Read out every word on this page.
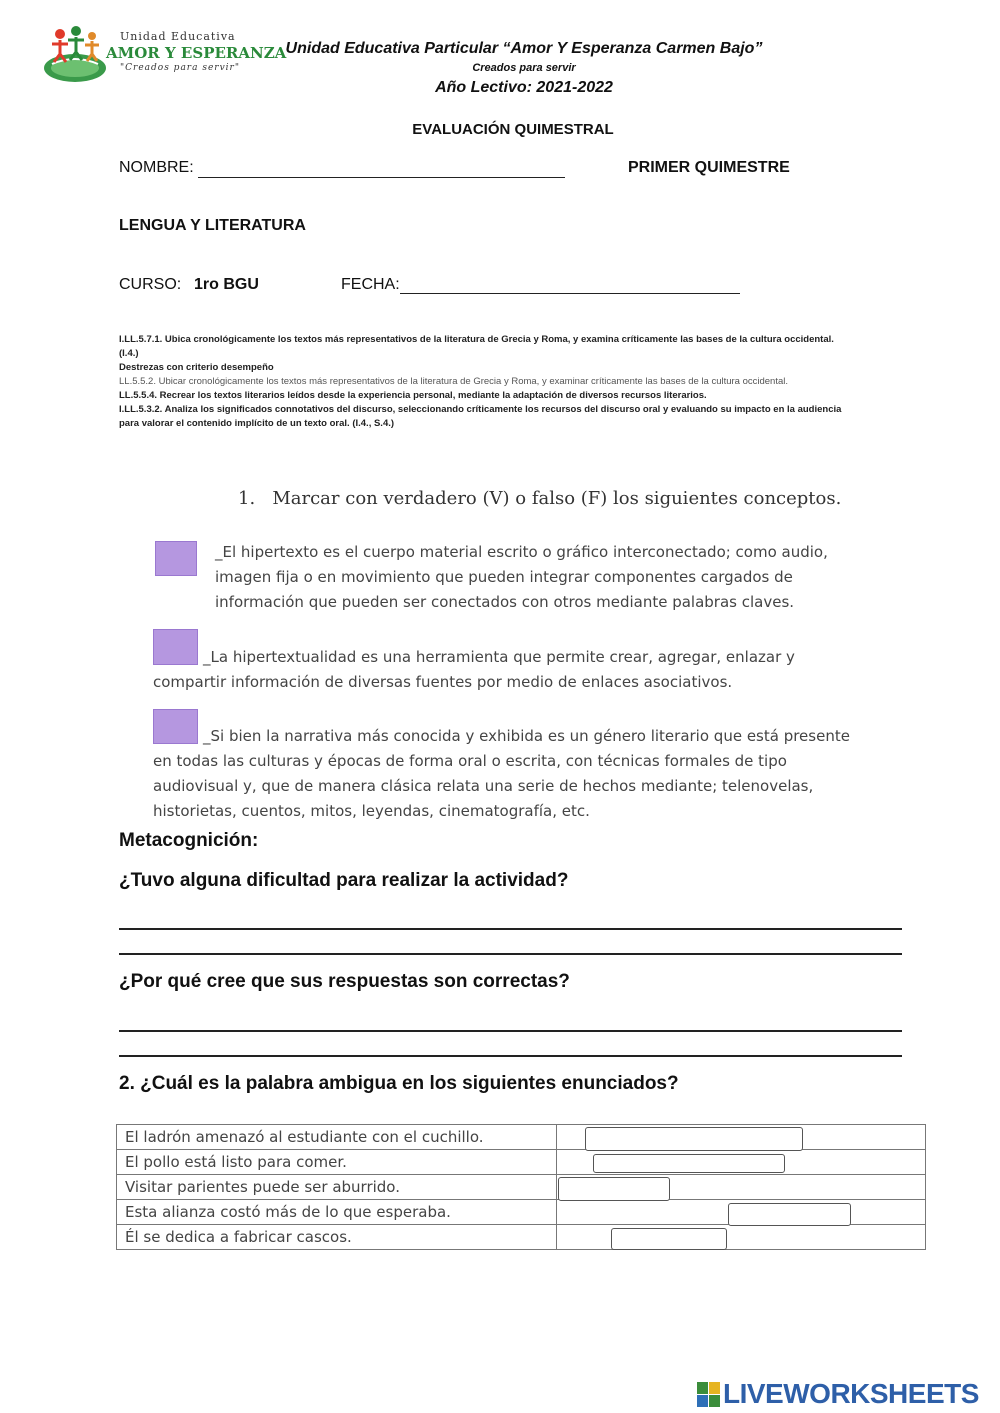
Unidad Educativa
AMOR Y ESPERANZA
"Creados para servir"
Unidad Educativa Particular “Amor Y Esperanza Carmen Bajo”
Creados para servir
Año Lectivo: 2021-2022
EVALUACIÓN QUIMESTRAL
NOMBRE:	PRIMER QUIMESTRE
LENGUA Y LITERATURA
CURSO: 1ro BGU	FECHA:
I.LL.5.7.1. Ubica cronológicamente los textos más representativos de la literatura de Grecia y Roma, y examina críticamente las bases de la cultura occidental.
(I.4.)
Destrezas con criterio desempeño
LL.5.5.2. Ubicar cronológicamente los textos más representativos de la literatura de Grecia y Roma, y examinar críticamente las bases de la cultura occidental.
LL.5.5.4. Recrear los textos literarios leídos desde la experiencia personal, mediante la adaptación de diversos recursos literarios.
I.LL.5.3.2. Analiza los significados connotativos del discurso, seleccionando críticamente los recursos del discurso oral y evaluando su impacto en la audiencia
para valorar el contenido implícito de un texto oral. (I.4., S.4.)
1.   Marcar con verdadero (V) o falso (F) los siguientes conceptos.
_El hipertexto es el cuerpo material escrito o gráfico interconectado; como audio,
imagen fija o en movimiento que pueden integrar componentes cargados de
información que pueden ser conectados con otros mediante palabras claves.
_La hipertextualidad es una herramienta que permite crear, agregar, enlazar y
compartir información de diversas fuentes por medio de enlaces asociativos.
_Si bien la narrativa más conocida y exhibida es un género literario que está presente
en todas las culturas y épocas de forma oral o escrita, con técnicas formales de tipo
audiovisual y, que de manera clásica relata una serie de hechos mediante; telenovelas,
historietas, cuentos, mitos, leyendas, cinematografía, etc.
Metacognición:
¿Tuvo alguna dificultad para realizar la actividad?
¿Por qué cree que sus respuestas son correctas?
2. ¿Cuál es la palabra ambigua en los siguientes enunciados?
El ladrón amenazó al estudiante con el cuchillo.	
El pollo está listo para comer.	
Visitar parientes puede ser aburrido.	
Esta alianza costó más de lo que esperaba.	
Él se dedica a fabricar cascos.	
LIVEWORKSHEETS
